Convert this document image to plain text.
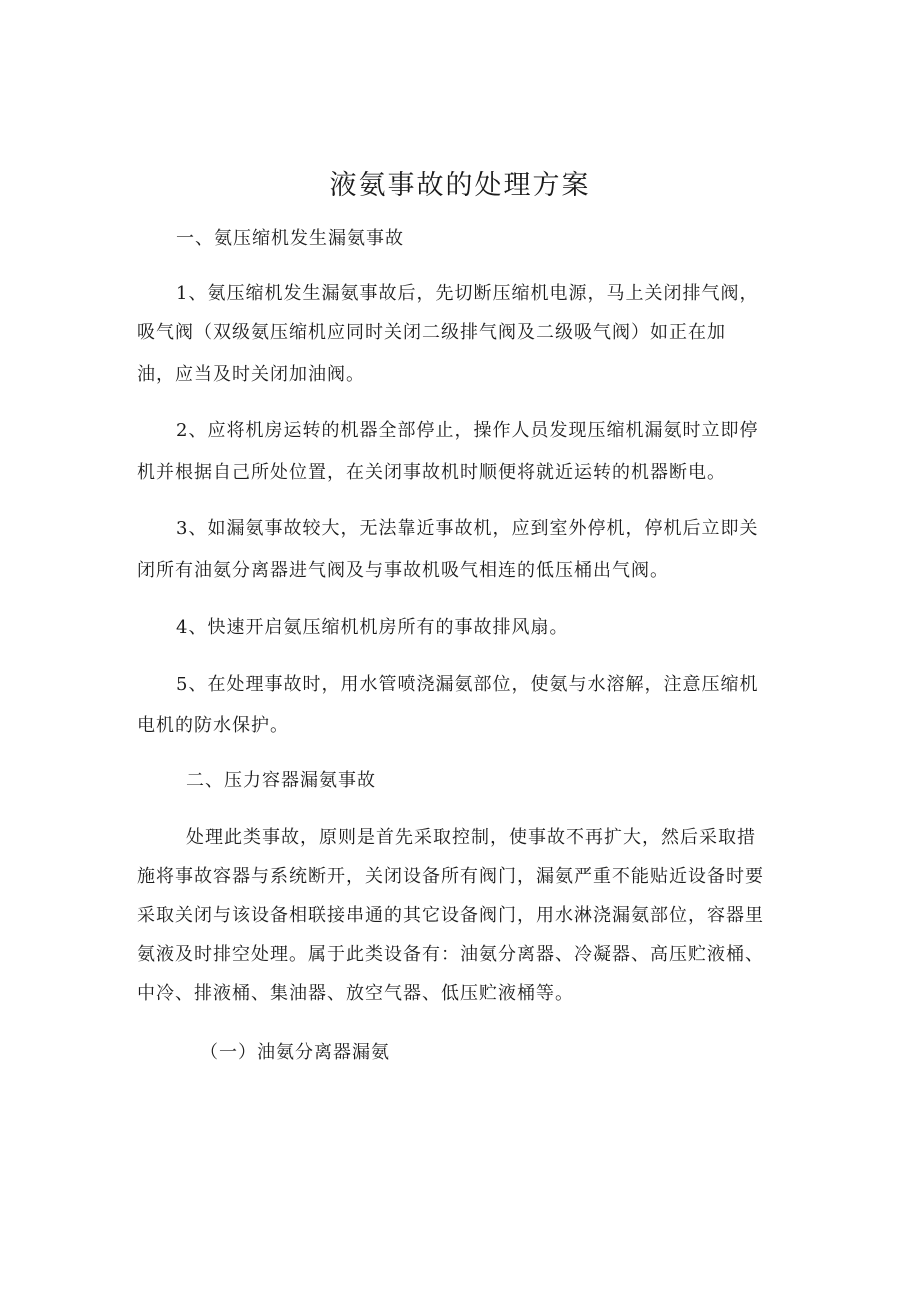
液氨事故的处理方案
一、氨压缩机发生漏氨事故
1、氨压缩机发生漏氨事故后，先切断压缩机电源，马上关闭排气阀，
吸气阀（双级氨压缩机应同时关闭二级排气阀及二级吸气阀）如正在加
油，应当及时关闭加油阀。
2、应将机房运转的机器全部停止，操作人员发现压缩机漏氨时立即停
机并根据自己所处位置，在关闭事故机时顺便将就近运转的机器断电。
3、如漏氨事故较大，无法靠近事故机，应到室外停机，停机后立即关
闭所有油氨分离器进气阀及与事故机吸气相连的低压桶出气阀。
4、快速开启氨压缩机机房所有的事故排风扇。
5、在处理事故时，用水管喷浇漏氨部位，使氨与水溶解，注意压缩机
电机的防水保护。
二、压力容器漏氨事故
处理此类事故，原则是首先采取控制，使事故不再扩大，然后采取措
施将事故容器与系统断开，关闭设备所有阀门，漏氨严重不能贴近设备时要
采取关闭与该设备相联接串通的其它设备阀门，用水淋浇漏氨部位，容器里
氨液及时排空处理。属于此类设备有：油氨分离器、冷凝器、高压贮液桶、
中冷、排液桶、集油器、放空气器、低压贮液桶等。
（一）油氨分离器漏氨
